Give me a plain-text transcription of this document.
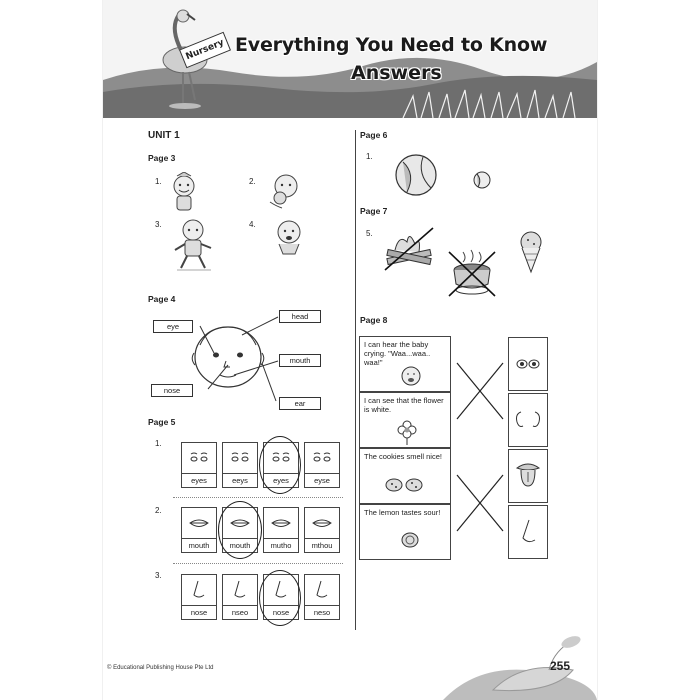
Nursery Everything You Need to Know
Answers
UNIT 1
Page 3
1.	2.
3.	4.
Page 4
eye
nose
head
mouth
ear
Page 5
1.
eyes	eeys	eyes	eyse
2.
mouth	mouth	mutho	mthou
3.
nose	nseo	nose	neso
Page 6
1.
Page 7
5.
Page 8
I can hear the baby crying. "Waa...waa.. waa!"
I can see that the flower is white.
The cookies smell nice!
The lemon tastes sour!
© Educational Publishing House Pte Ltd	255
